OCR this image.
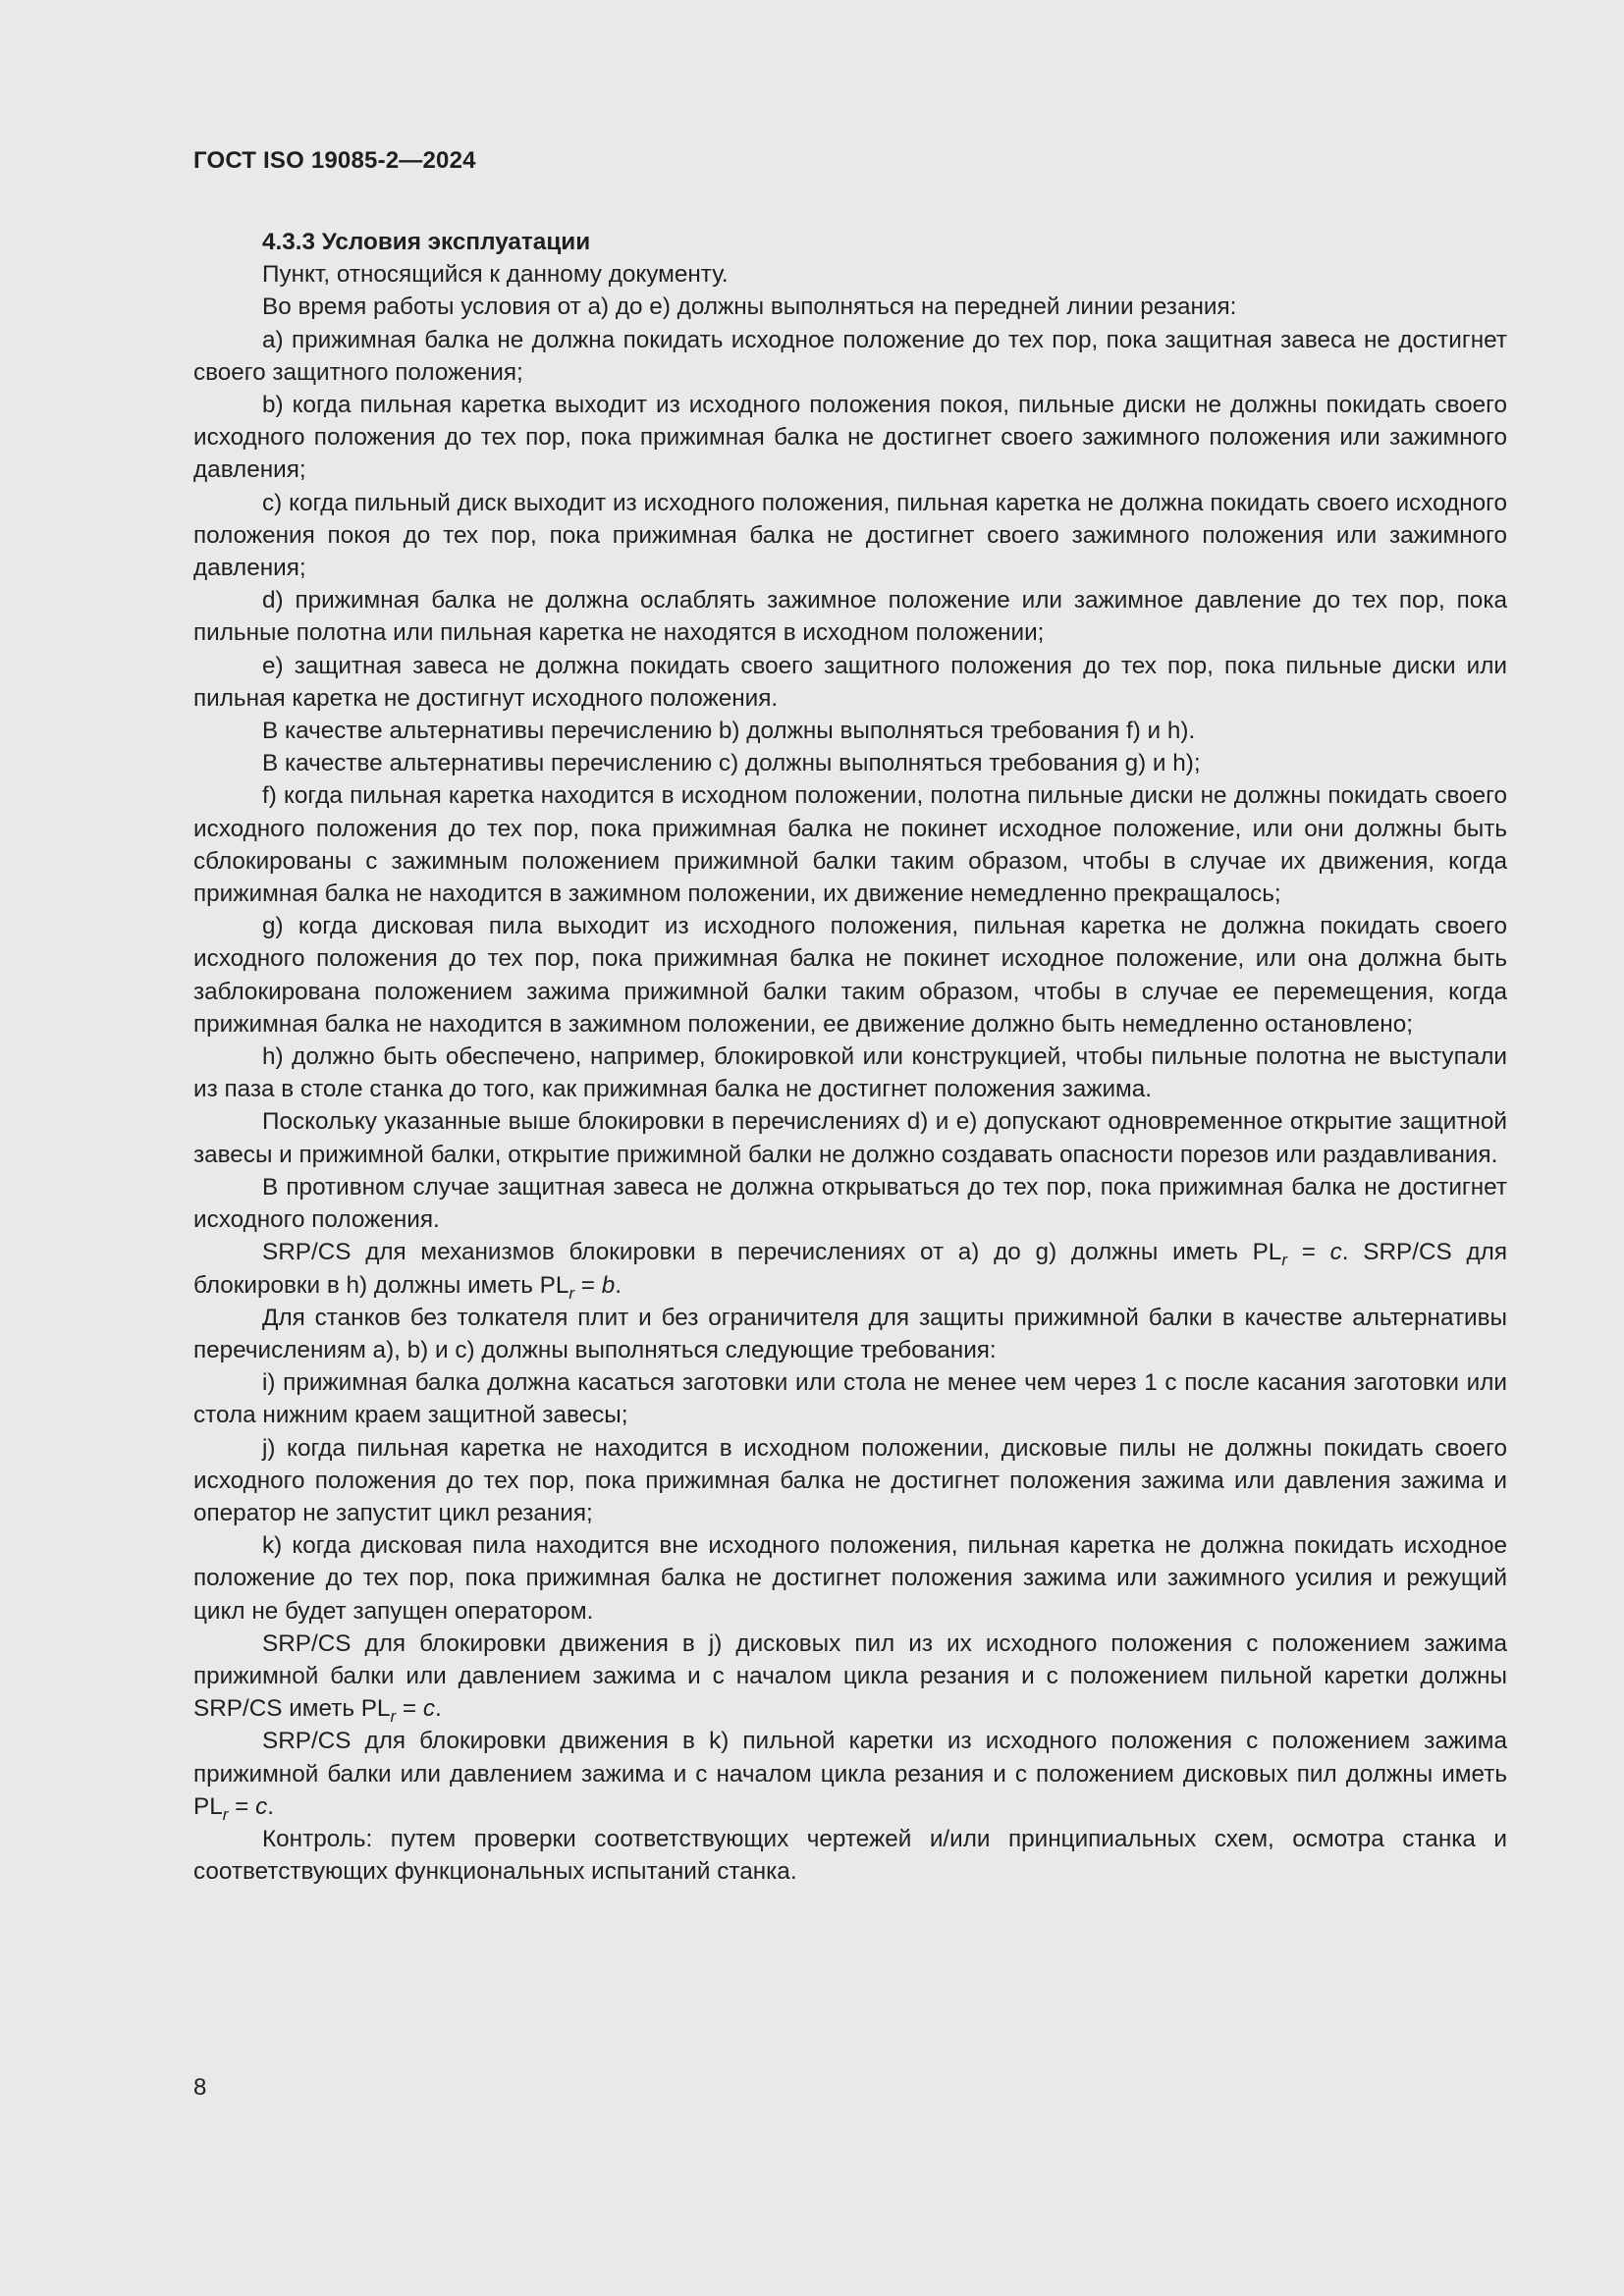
ГОСТ ISO 19085-2—2024
4.3.3 Условия эксплуатации

Пункт, относящийся к данному документу.

Во время работы условия от a) до e) должны выполняться на передней линии резания:

a) прижимная балка не должна покидать исходное положение до тех пор, пока защитная завеса не достигнет своего защитного положения;

b) когда пильная каретка выходит из исходного положения покоя, пильные диски не должны покидать своего исходного положения до тех пор, пока прижимная балка не достигнет своего зажимного положения или зажимного давления;

c) когда пильный диск выходит из исходного положения, пильная каретка не должна покидать своего исходного положения покоя до тех пор, пока прижимная балка не достигнет своего зажимного положения или зажимного давления;

d) прижимная балка не должна ослаблять зажимное положение или зажимное давление до тех пор, пока пильные полотна или пильная каретка не находятся в исходном положении;

e) защитная завеса не должна покидать своего защитного положения до тех пор, пока пильные диски или пильная каретка не достигнут исходного положения.

В качестве альтернативы перечислению b) должны выполняться требования f) и h).

В качестве альтернативы перечислению c) должны выполняться требования g) и h);

f) когда пильная каретка находится в исходном положении, полотна пильные диски не должны покидать своего исходного положения до тех пор, пока прижимная балка не покинет исходное положение, или они должны быть сблокированы с зажимным положением прижимной балки таким образом, чтобы в случае их движения, когда прижимная балка не находится в зажимном положении, их движение немедленно прекращалось;

g) когда дисковая пила выходит из исходного положения, пильная каретка не должна покидать своего исходного положения до тех пор, пока прижимная балка не покинет исходное положение, или она должна быть заблокирована положением зажима прижимной балки таким образом, чтобы в случае ее перемещения, когда прижимная балка не находится в зажимном положении, ее движение должно быть немедленно остановлено;

h) должно быть обеспечено, например, блокировкой или конструкцией, чтобы пильные полотна не выступали из паза в столе станка до того, как прижимная балка не достигнет положения зажима.

Поскольку указанные выше блокировки в перечислениях d) и e) допускают одновременное открытие защитной завесы и прижимной балки, открытие прижимной балки не должно создавать опасности порезов или раздавливания.

В противном случае защитная завеса не должна открываться до тех пор, пока прижимная балка не достигнет исходного положения.

SRP/CS для механизмов блокировки в перечислениях от a) до g) должны иметь $PL_r = c$. SRP/CS для блокировки в h) должны иметь $PL_r = b$.

Для станков без толкателя плит и без ограничителя для защиты прижимной балки в качестве альтернативы перечислениям a), b) и c) должны выполняться следующие требования:

i) прижимная балка должна касаться заготовки или стола не менее чем через 1 с после касания заготовки или стола нижним краем защитной завесы;

j) когда пильная каретка не находится в исходном положении, дисковые пилы не должны покидать своего исходного положения до тех пор, пока прижимная балка не достигнет положения зажима или давления зажима и оператор не запустит цикл резания;

k) когда дисковая пила находится вне исходного положения, пильная каретка не должна покидать исходное положение до тех пор, пока прижимная балка не достигнет положения зажима или зажимного усилия и режущий цикл не будет запущен оператором.

SRP/CS для блокировки движения в j) дисковых пил из их исходного положения с положением зажима прижимной балки или давлением зажима и с началом цикла резания и с положением пильной каретки должны SRP/CS иметь $PL_r = c$.

SRP/CS для блокировки движения в k) пильной каретки из исходного положения с положением зажима прижимной балки или давлением зажима и с началом цикла резания и с положением дисковых пил должны иметь $PL_r = c$.

Контроль: путем проверки соответствующих чертежей и/или принципиальных схем, осмотра станка и соответствующих функциональных испытаний станка.

8
